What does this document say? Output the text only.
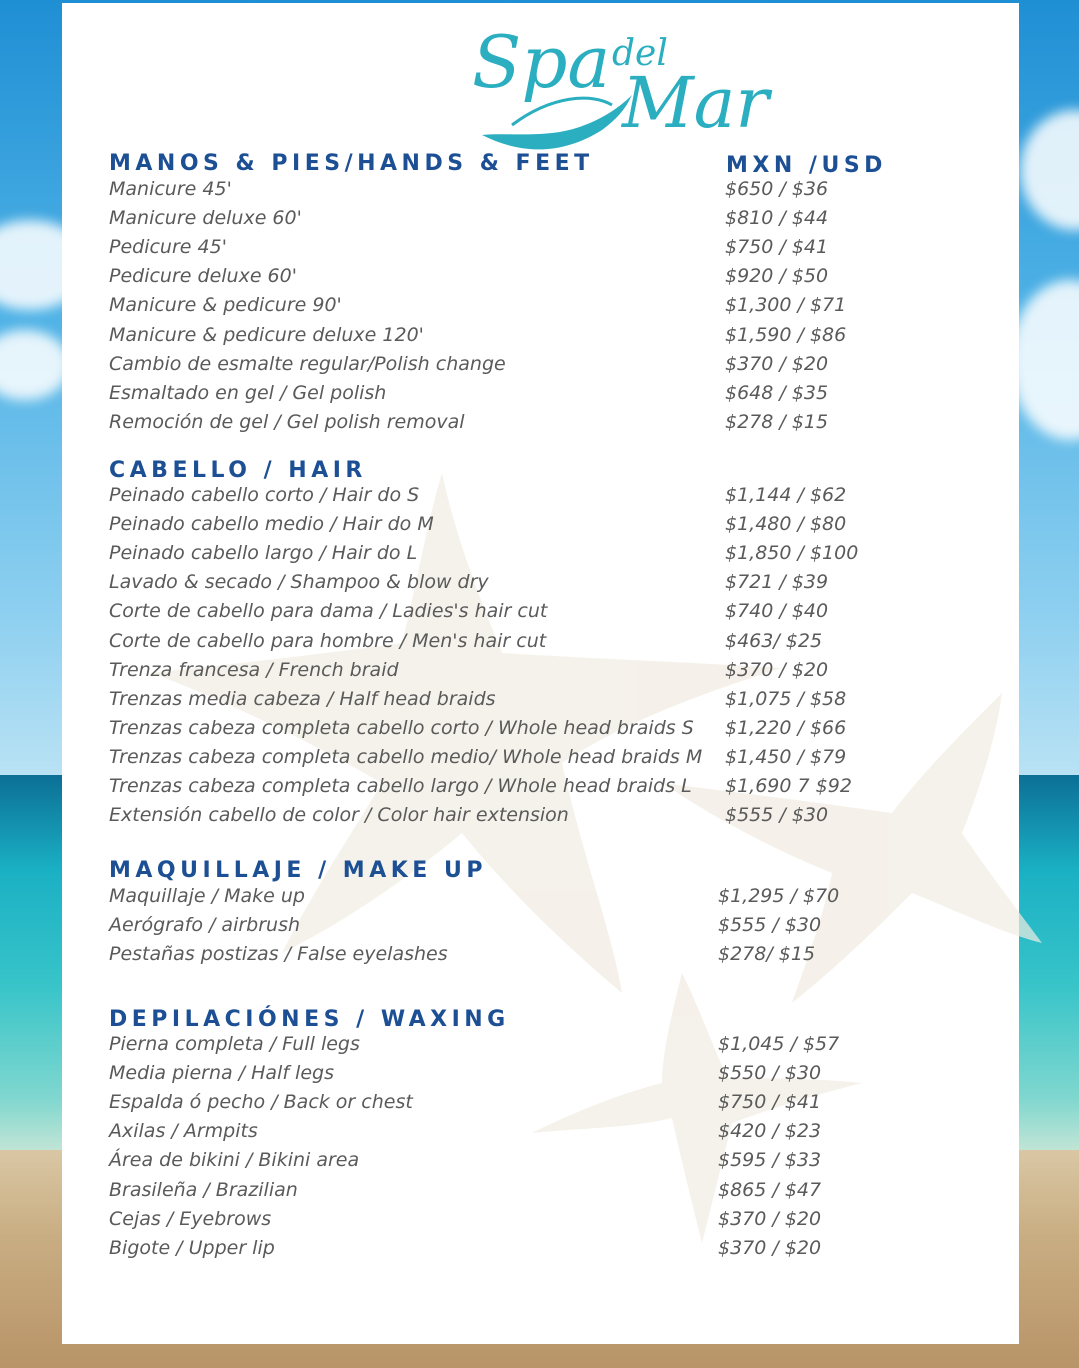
Spa del
Mar
MANOS & PIES/HANDS & FEET	MXN /USD
CABELLO / HAIR
MAQUILLAJE / MAKE UP
DEPILACIÓNES / WAXING
Manicure 45'	$650 / $36
Manicure deluxe 60'	$810 / $44
Pedicure 45'	$750 / $41
Pedicure deluxe 60'	$920 / $50
Manicure & pedicure 90'	$1,300 / $71
Manicure & pedicure deluxe 120'	$1,590 / $86
Cambio de esmalte regular/Polish change	$370 / $20
Esmaltado en gel / Gel polish	$648 / $35
Remoción de gel / Gel polish removal	$278 / $15
Peinado cabello corto / Hair do S	$1,144 / $62
Peinado cabello medio / Hair do M	$1,480 / $80
Peinado cabello largo / Hair do L	$1,850 / $100
Lavado & secado / Shampoo & blow dry	$721 / $39
Corte de cabello para dama / Ladies's hair cut	$740 / $40
Corte de cabello para hombre / Men's hair cut	$463/ $25
Trenza francesa / French braid	$370 / $20
Trenzas media cabeza / Half head braids	$1,075 / $58
Trenzas cabeza completa cabello corto / Whole head braids S $1,220 / $66
Trenzas cabeza completa cabello medio/ Whole head braids M $1,450 / $79
Trenzas cabeza completa cabello largo / Whole head braids L $1,690 7 $92
Extensión cabello de color / Color hair extension	$555 / $30
Maquillaje / Make up	$1,295 / $70
Aerógrafo / airbrush	$555 / $30
Pestañas postizas / False eyelashes	$278/ $15
Pierna completa / Full legs	$1,045 / $57
Media pierna / Half legs	$550 / $30
Espalda ó pecho / Back or chest	$750 / $41
Axilas / Armpits	$420 / $23
Área de bikini / Bikini area	$595 / $33
Brasileña / Brazilian	$865 / $47
Cejas / Eyebrows	$370 / $20
Bigote / Upper lip	$370 / $20
